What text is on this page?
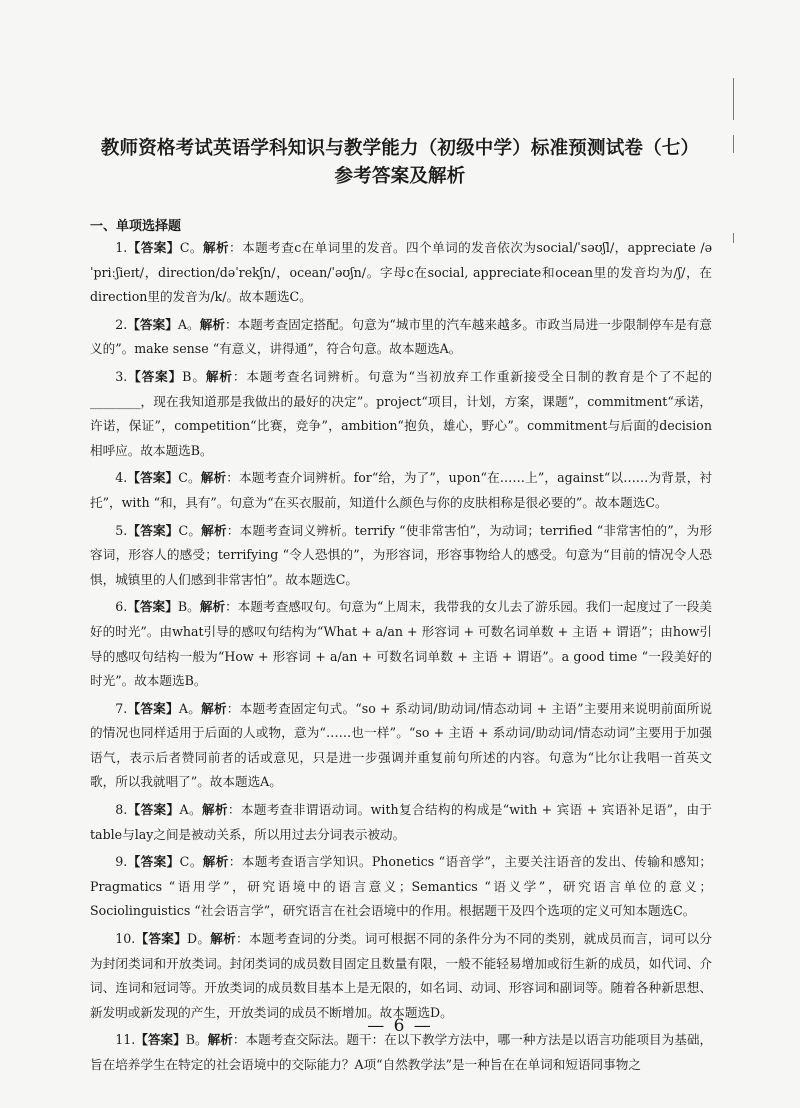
教师资格考试英语学科知识与教学能力（初级中学）标准预测试卷（七）
参考答案及解析
一、单项选择题

1.【答案】C。解析：本题考查c在单词里的发音。四个单词的发音依次为social/ˈsəʊʃl/，appreciate /əˈpriːʃieɪt/，direction/dəˈrekʃn/，ocean/ˈəʊʃn/。字母c在social, appreciate和ocean里的发音均为/ʃ/，在direction里的发音为/k/。故本题选C。

2.【答案】A。解析：本题考查固定搭配。句意为“城市里的汽车越来越多。市政当局进一步限制停车是有意义的”。make sense “有意义，讲得通”，符合句意。故本题选A。

3.【答案】B。解析：本题考查名词辨析。句意为“当初放弃工作重新接受全日制的教育是个了不起的________，现在我知道那是我做出的最好的决定”。project“项目，计划，方案，课题”，commitment“承诺，许诺，保证”，competition“比赛，竞争”，ambition“抱负，雄心，野心”。commitment与后面的decision相呼应。故本题选B。

4.【答案】C。解析：本题考查介词辨析。for“给，为了”，upon“在……上”，against“以……为背景，衬托”，with “和，具有”。句意为“在买衣服前，知道什么颜色与你的皮肤相称是很必要的”。故本题选C。

5.【答案】C。解析：本题考查词义辨析。terrify “使非常害怕”，为动词；terrified “非常害怕的”，为形容词，形容人的感受；terrifying “令人恐惧的”，为形容词，形容事物给人的感受。句意为“目前的情况令人恐惧，城镇里的人们感到非常害怕”。故本题选C。

6.【答案】B。解析：本题考查感叹句。句意为“上周末，我带我的女儿去了游乐园。我们一起度过了一段美好的时光”。由what引导的感叹句结构为“What + a/an + 形容词 + 可数名词单数 + 主语 + 谓语”；由how引导的感叹句结构一般为“How + 形容词 + a/an + 可数名词单数 + 主语 + 谓语”。a good time “一段美好的时光”。故本题选B。

7.【答案】A。解析：本题考查固定句式。“so + 系动词/助动词/情态动词 + 主语”主要用来说明前面所说的情况也同样适用于后面的人或物，意为“……也一样”。“so + 主语 + 系动词/助动词/情态动词”主要用于加强语气，表示后者赞同前者的话或意见，只是进一步强调并重复前句所述的内容。句意为“比尔让我唱一首英文歌，所以我就唱了”。故本题选A。

8.【答案】A。解析：本题考查非谓语动词。with复合结构的构成是“with + 宾语 + 宾语补足语”，由于table与lay之间是被动关系，所以用过去分词表示被动。

9.【答案】C。解析：本题考查语言学知识。Phonetics “语音学”，主要关注语音的发出、传输和感知；Pragmatics “语用学”，研究语境中的语言意义；Semantics “语义学”，研究语言单位的意义；Sociolinguistics “社会语言学”，研究语言在社会语境中的作用。根据题干及四个选项的定义可知本题选C。

10.【答案】D。解析：本题考查词的分类。词可根据不同的条件分为不同的类别，就成员而言，词可以分为封闭类词和开放类词。封闭类词的成员数目固定且数量有限，一般不能轻易增加或衍生新的成员，如代词、介词、连词和冠词等。开放类词的成员数目基本上是无限的，如名词、动词、形容词和副词等。随着各种新思想、新发明或新发现的产生，开放类词的成员不断增加。故本题选D。

11.【答案】B。解析：本题考查交际法。题干：在以下教学方法中，哪一种方法是以语言功能项目为基础，旨在培养学生在特定的社会语境中的交际能力？A项“自然教学法”是一种旨在在单词和短语同事物之

— 6 —
